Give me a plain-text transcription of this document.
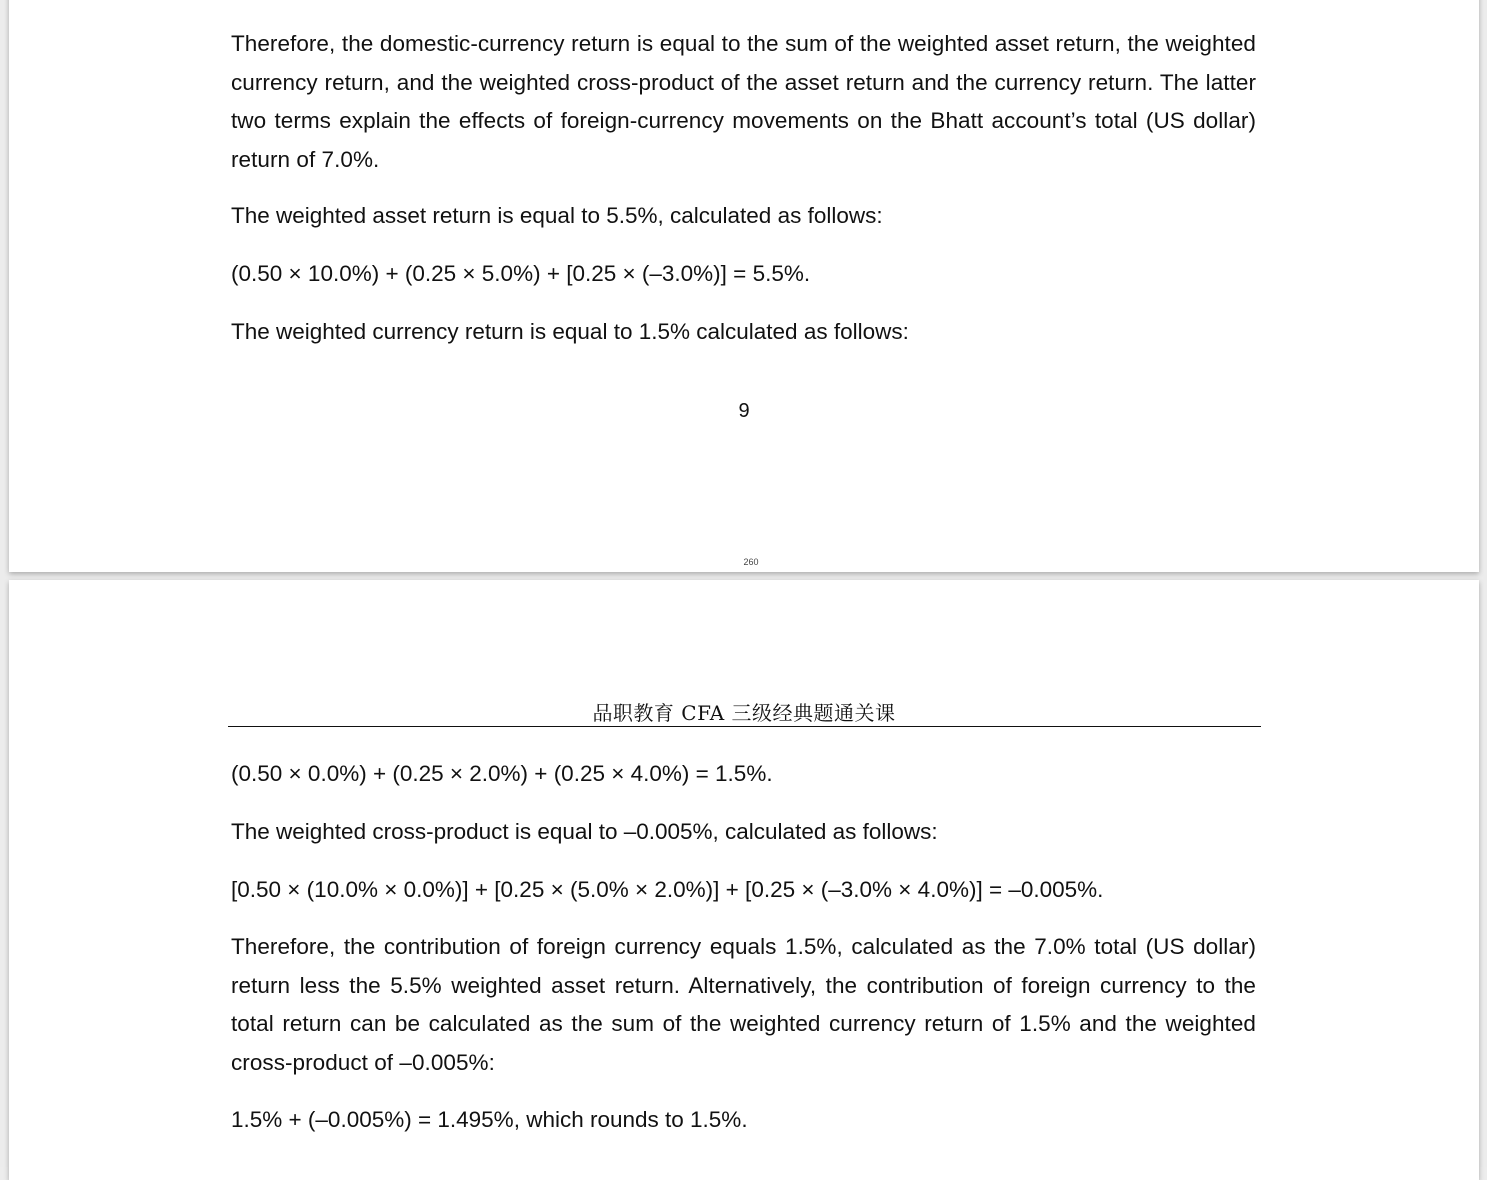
Therefore, the domestic-currency return is equal to the sum of the weighted asset return, the weighted currency return, and the weighted cross-product of the asset return and the currency return. The latter two terms explain the effects of foreign-currency movements on the Bhatt account’s total (US dollar) return of 7.0%.

The weighted asset return is equal to 5.5%, calculated as follows:

(0.50 × 10.0%) + (0.25 × 5.0%) + [0.25 × (–3.0%)] = 5.5%.

The weighted currency return is equal to 1.5% calculated as follows:

9

260

品职教育 CFA 三级经典题通关课

(0.50 × 0.0%) + (0.25 × 2.0%) + (0.25 × 4.0%) = 1.5%.

The weighted cross-product is equal to –0.005%, calculated as follows:

[0.50 × (10.0% × 0.0%)] + [0.25 × (5.0% × 2.0%)] + [0.25 × (–3.0% × 4.0%)] = –0.005%.

Therefore, the contribution of foreign currency equals 1.5%, calculated as the 7.0% total (US dollar) return less the 5.5% weighted asset return. Alternatively, the contribution of foreign currency to the total return can be calculated as the sum of the weighted currency return of 1.5% and the weighted cross-product of –0.005%:

1.5% + (–0.005%) = 1.495%, which rounds to 1.5%.
